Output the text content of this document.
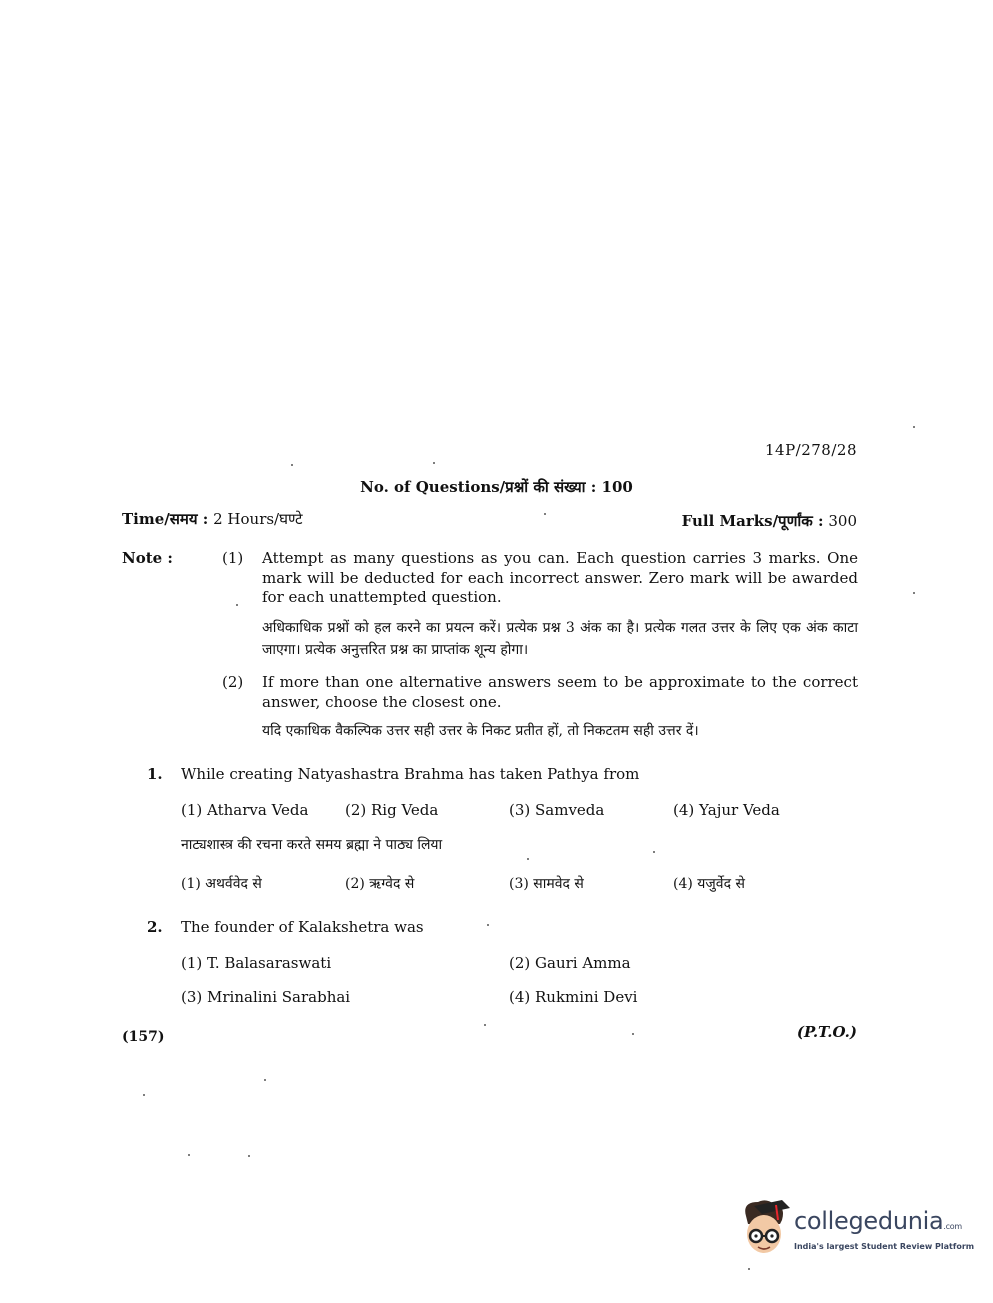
14P/278/28
No. of Questions/प्रश्नों की संख्या : 100
Time/समय : 2 Hours/घण्टे	Full Marks/पूर्णांक : 300
Note :	(1) Attempt as many questions as you can. Each question carries 3 marks. One mark will be deducted for each incorrect answer. Zero mark will be awarded for each unattempted question.
अधिकाधिक प्रश्नों को हल करने का प्रयत्न करें। प्रत्येक प्रश्न 3 अंक का है। प्रत्येक गलत उत्तर के लिए एक अंक काटा जाएगा। प्रत्येक अनुत्तरित प्रश्न का प्राप्तांक शून्य होगा।
(2) If more than one alternative answers seem to be approximate to the correct answer, choose the closest one.
यदि एकाधिक वैकल्पिक उत्तर सही उत्तर के निकट प्रतीत हों, तो निकटतम सही उत्तर दें।
1. While creating Natyashastra Brahma has taken Pathya from
(1) Atharva Veda (2) Rig Veda	(3) Samveda	(4) Yajur Veda
नाट्यशास्त्र की रचना करते समय ब्रह्मा ने पाठ्य लिया
(1) अथर्ववेद से	(2) ऋग्वेद से	(3) सामवेद से	(4) यजुर्वेद से
2. The founder of Kalakshetra was
(1) T. Balasaraswati	(2) Gauri Amma
(3) Mrinalini Sarabhai	(4) Rukmini Devi
(157)	(P.T.O.)
collegedunia.com
India's largest Student Review Platform
